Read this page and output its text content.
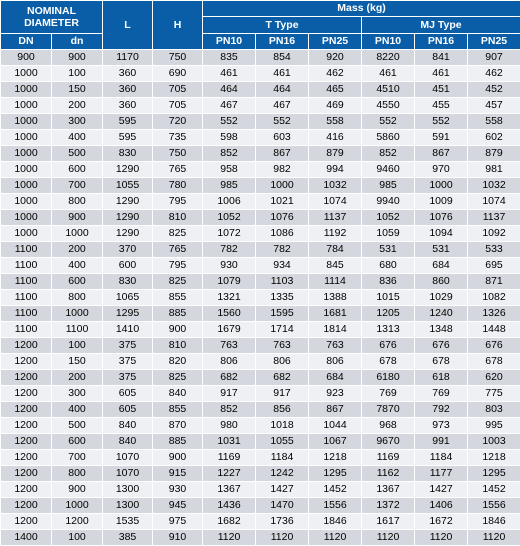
NOMINAL DIAMETER		L	H	Mass (kg)					
				T Type			MJ Type		
DN	dn			PN10	PN16	PN25	PN10	PN16	PN25
900	900	1170	750	835	854	920	8220	841	907
1000	100	360	690	461	461	462	461	461	462
1000	150	360	705	464	464	465	4510	451	452
1000	200	360	705	467	467	469	4550	455	457
1000	300	595	720	552	552	558	552	552	558
1000	400	595	735	598	603	416	5860	591	602
1000	500	830	750	852	867	879	852	867	879
1000	600	1290	765	958	982	994	9460	970	981
1000	700	1055	780	985	1000	1032	985	1000	1032
1000	800	1290	795	1006	1021	1074	9940	1009	1074
1000	900	1290	810	1052	1076	1137	1052	1076	1137
1000	1000	1290	825	1072	1086	1192	1059	1094	1092
1100	200	370	765	782	782	784	531	531	533
1100	400	600	795	930	934	845	680	684	695
1100	600	830	825	1079	1103	1114	836	860	871
1100	800	1065	855	1321	1335	1388	1015	1029	1082
1100	1000	1295	885	1560	1595	1681	1205	1240	1326
1100	1100	1410	900	1679	1714	1814	1313	1348	1448
1200	100	375	810	763	763	763	676	676	676
1200	150	375	820	806	806	806	678	678	678
1200	200	375	825	682	682	684	6180	618	620
1200	300	605	840	917	917	923	769	769	775
1200	400	605	855	852	856	867	7870	792	803
1200	500	840	870	980	1018	1044	968	973	995
1200	600	840	885	1031	1055	1067	9670	991	1003
1200	700	1070	900	1169	1184	1218	1169	1184	1218
1200	800	1070	915	1227	1242	1295	1162	1177	1295
1200	900	1300	930	1367	1427	1452	1367	1427	1452
1200	1000	1300	945	1436	1470	1556	1372	1406	1556
1200	1200	1535	975	1682	1736	1846	1617	1672	1846
1400	100	385	910	1120	1120	1120	1120	1120	1120
